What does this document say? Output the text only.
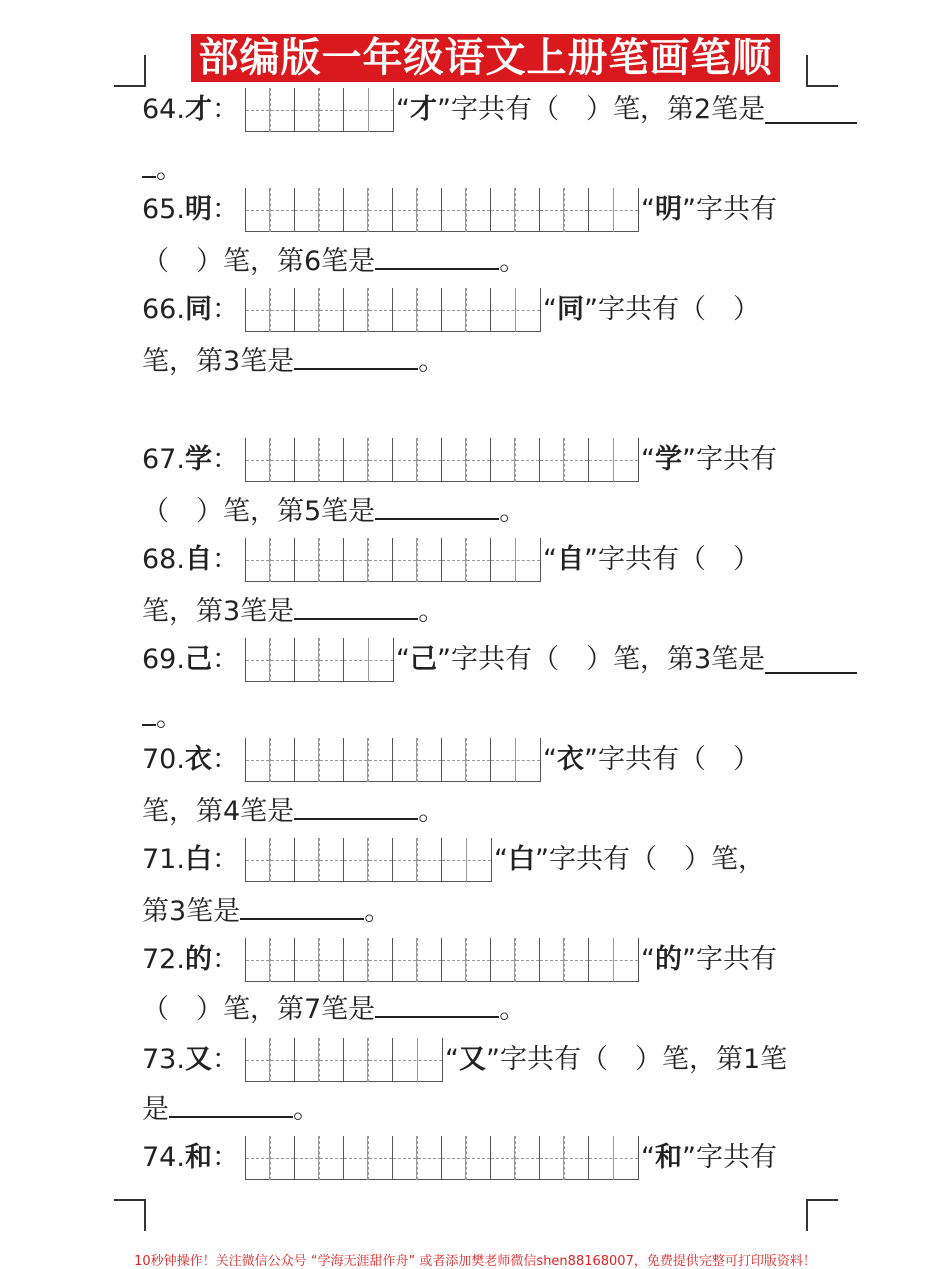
部编版一年级语文上册笔画笔顺
64. 才 ：	“ 才 ” 字共有（　）笔，第2笔是
。
65. 明 ：	“ 明 ” 字共有
（　）笔，第6笔是	。
66. 同 ：	“ 同 ” 字共有（　）
笔，第3笔是	。
67. 学 ：	“ 学 ” 字共有
（　）笔，第5笔是	。
68. 自 ：	“ 自 ” 字共有（　）
笔，第3笔是	。
69. 己 ：	“ 己 ” 字共有（　）笔，第3笔是
。
70. 衣 ：	“ 衣 ” 字共有（　）
笔，第4笔是	。
71. 白 ：	“ 白 ” 字共有（　）笔，
第3笔是	。
72. 的 ：	“ 的 ” 字共有
（　）笔，第7笔是	。
73. 又 ：	“ 又 ” 字共有（　）笔，第1笔
是	。
74. 和 ：	“ 和 ” 字共有
10秒钟操作！关注微信公众号 “学海无涯甜作舟” 或者添加樊老师微信shen88168007，免费提供完整可打印版资料！
